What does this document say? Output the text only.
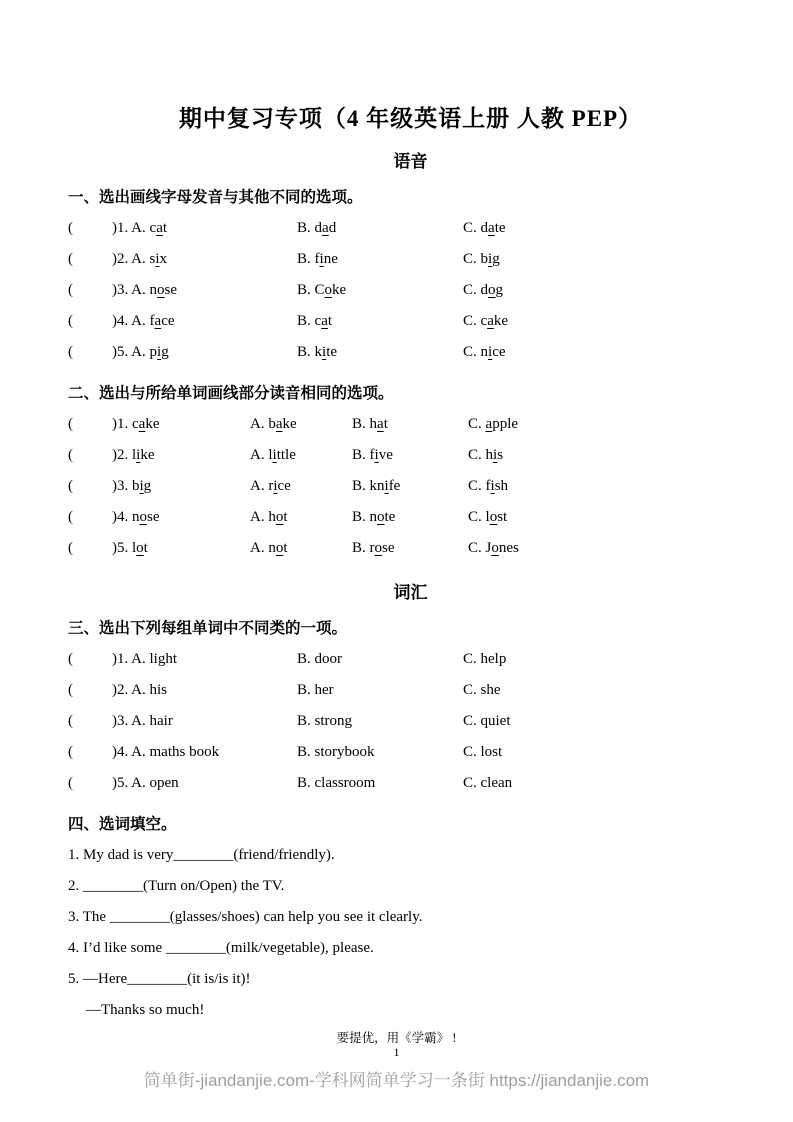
期中复习专项（4 年级英语上册 人教 PEP）
语音
一、选出画线字母发音与其他不同的选项。
(	)1. A. cat	B. dad	C. date
(	)2. A. six	B. fine	C. big
(	)3. A. nose	B. Coke	C. dog
(	)4. A. face	B. cat	C. cake
(	)5. A. pig	B. kite	C. nice
二、选出与所给单词画线部分读音相同的选项。
(	)1. cake	A. bake	B. hat	C. apple
(	)2. like	A. little	B. five	C. his
(	)3. big	A. rice	B. knife	C. fish
(	)4. nose	A. hot	B. note	C. lost
(	)5. lot	A. not	B. rose	C. Jones
词汇
三、选出下列每组单词中不同类的一项。
(	)1. A. light	B. door	C. help
(	)2. A. his	B. her	C. she
(	)3. A. hair	B. strong	C. quiet
(	)4. A. maths book	B. storybook	C. lost
(	)5. A. open	B. classroom	C. clean
四、选词填空。
1. My dad is very________(friend/friendly).
2. ________(Turn on/Open) the TV.
3. The ________(glasses/shoes) can help you see it clearly.
4. I’d like some ________(milk/vegetable), please.
5. —Here________(it is/is it)!
—Thanks so much!
要提优，用《学霸》 !
1
简单街-jiandanjie.com-学科网简单学习一条街 https://jiandanjie.com
